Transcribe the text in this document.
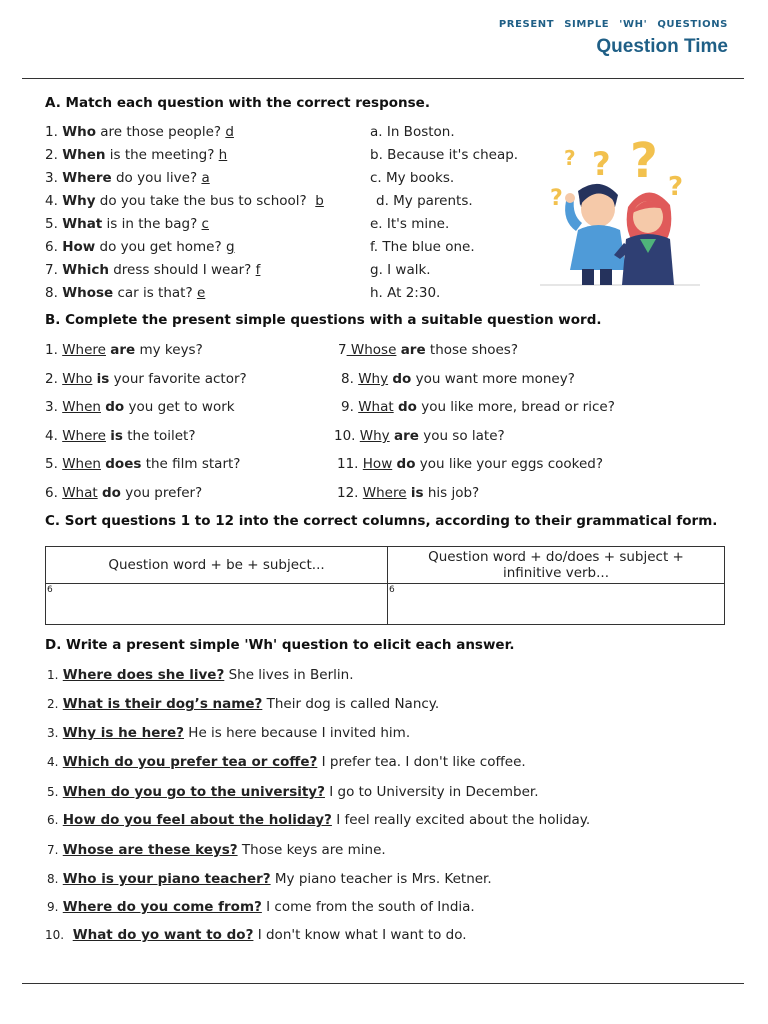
PRESENT SIMPLE 'WH' QUESTIONS
Question Time
A. Match each question with the correct response.
1. Who are those people? d
2. When is the meeting? h
3. Where do you live? a
4. Why do you take the bus to school?  b
5. What is in the bag? c
6. How do you get home? g
7. Which dress should I wear? f
8. Whose car is that? e
a. In Boston.
b. Because it's cheap.
c. My books.
d. My parents.
e. It's mine.
f. The blue one.
g. I walk.
h. At 2:30.
? ? ? ?
?
B. Complete the present simple questions with a suitable question word.
1. Where are my keys?
2. Who is your favorite actor?
3. When do you get to work
4. Where is the toilet?
5. When does the film start?
6. What do you prefer?
7 Whose are those shoes?
8. Why do you want more money?
9. What do you like more, bread or rice?
10. Why are you so late?
11. How do you like your eggs cooked?
12. Where is his job?
C. Sort questions 1 to 12 into the correct columns, according to their grammatical form.
Question word + be + subject...	Question word + do/does + subject +
infinitive verb...
6	6
D. Write a present simple 'Wh' question to elicit each answer.
1. Where does she live? She lives in Berlin.
2. What is their dog’s name? Their dog is called Nancy.
3. Why is he here? He is here because I invited him.
4. Which do you prefer tea or coffe? I prefer tea. I don't like coffee.
5. When do you go to the university? I go to University in December.
6. How do you feel about the holiday? I feel really excited about the holiday.
7. Whose are these keys? Those keys are mine.
8. Who is your piano teacher? My piano teacher is Mrs. Ketner.
9. Where do you come from? I come from the south of India.
10. What do yo want to do? I don't know what I want to do.
